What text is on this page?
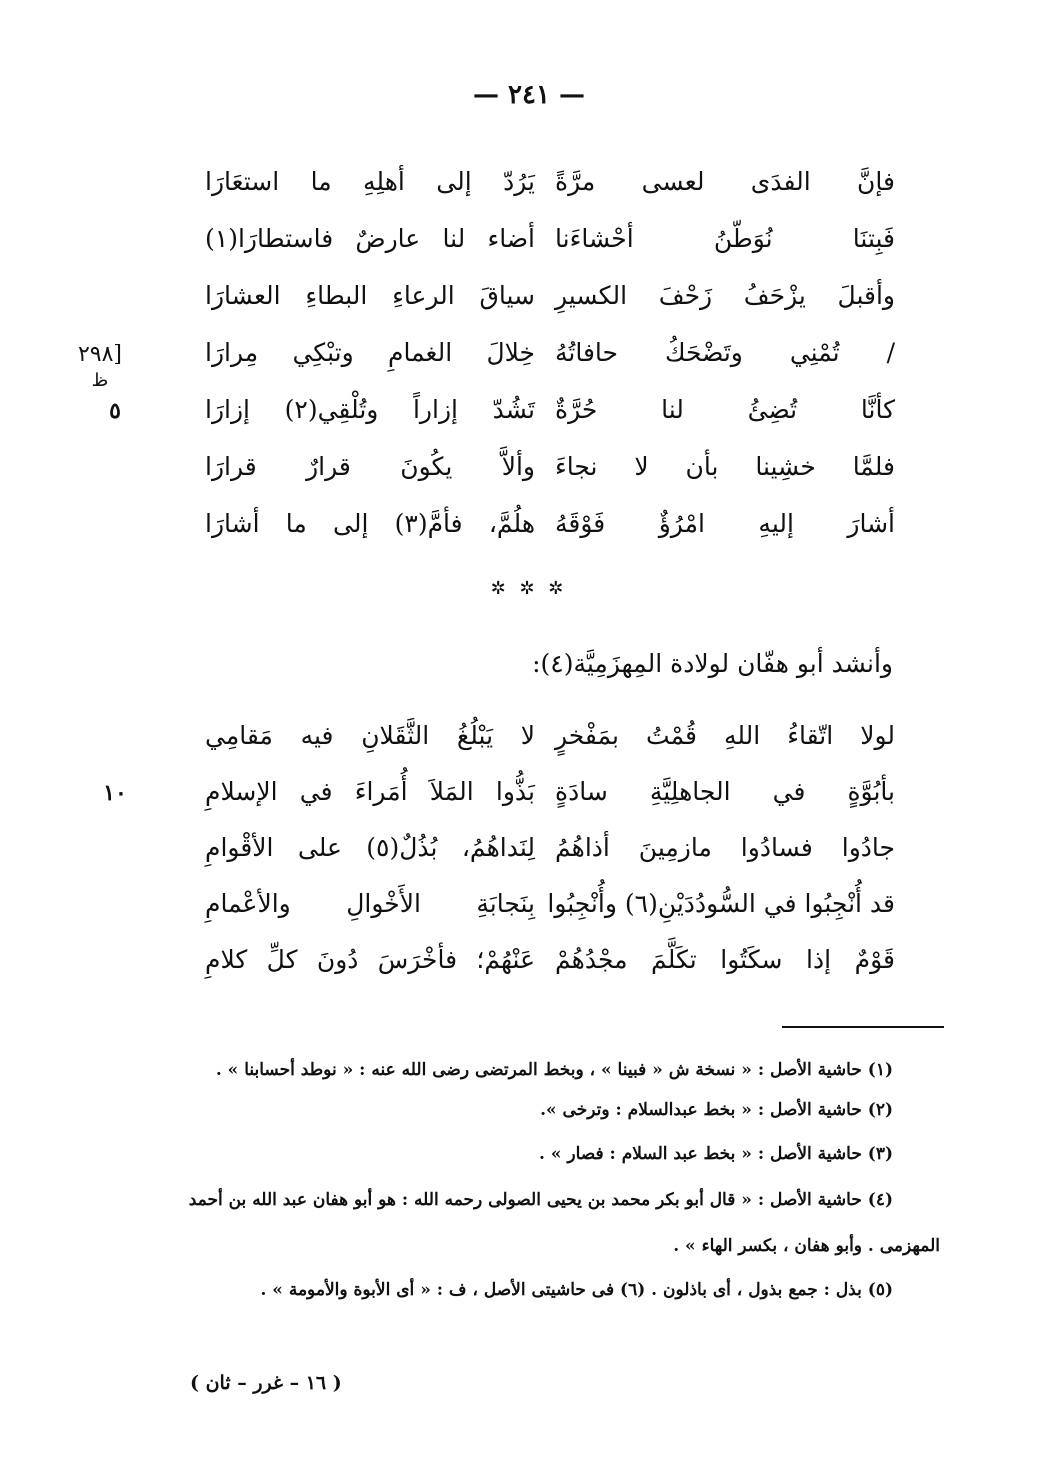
— ٢٤١ —
فإنَّ الفدَى لعسى مرَّةً
يَرُدّ إلى أهلِهِ ما استعَارَا
فَبِتنَا نُوَطّنُ أحْشاءَنا
أضاء لنا عارضٌ فاستطارَا(١)
وأقبلَ يزْحَفُ زَحْفَ الكسيرِ
سياقَ الرعاءِ البطاءِ العشارَا
/ تُمْنِي وتَضْحَكُ حافاتُهُ
خِلالَ الغمامِ وتبْكِي مِرارَا
كأنَّا تُضِئُ لنا حُرَّةٌ
تَشُدّ إزاراً وتُلْقِي(٢) إزارَا
فلمَّا خشِينا بأن لا نجاءَ
وألاَّ يكُونَ قرارٌ قرارَا
أشارَ إليهِ امْرُؤٌ فَوْقَهُ
هلُمَّ، فأمَّ(٣) إلى ما أشارَا
[٢٩٨
ظ
٥
١٠
✲ ✲ ✲
وأنشد أبو هفّان لولادة المِهزَمِيَّة(٤):
لولا اتّقاءُ اللهِ قُمْتُ بمَفْخرٍ
لا يَبْلُغُ الثَّقَلانِ فيه مَقامِي
بأبُوَّةٍ في الجاهلِيَّةِ سادَةٍ
بَذُّوا المَلاَ أُمَراءَ في الإسلامِ
جادُوا فسادُوا مازمِينَ أذاهُمُ
لِنَداهُمُ، بُذُلٌ(٥) على الأقْوامِ
قد أُنْجِبُوا في السُّودُدَيْنِ(٦) وأُنْجِبُوا
بِنَجابَةِ الأَخْوالِ والأعْمامِ
قَوْمٌ إذا سكَتُوا تكَلَّمَ مجْدُهُمْ
عَنْهُمْ؛ فأخْرَسَ دُونَ كلِّ كلامِ
(١) حاشية الأصل : « نسخة ش « فبينا » ، وبخط المرتضى رضى الله عنه : « نوطد أحسابنا » .
(٢) حاشية الأصل : « بخط عبدالسلام : وترخى ».
(٣) حاشية الأصل : « بخط عبد السلام : فصار » .
(٤) حاشية الأصل : « قال أبو بكر محمد بن يحيى الصولى رحمه الله : هو أبو هفان عبد الله بن أحمد
المهزمى . وأبو هفان ، بكسر الهاء » .
(٥) بذل : جمع بذول ، أى باذلون . (٦) فى حاشيتى الأصل ، ف : « أى الأبوة والأمومة » .
( ١٦ – غرر – ثان )
